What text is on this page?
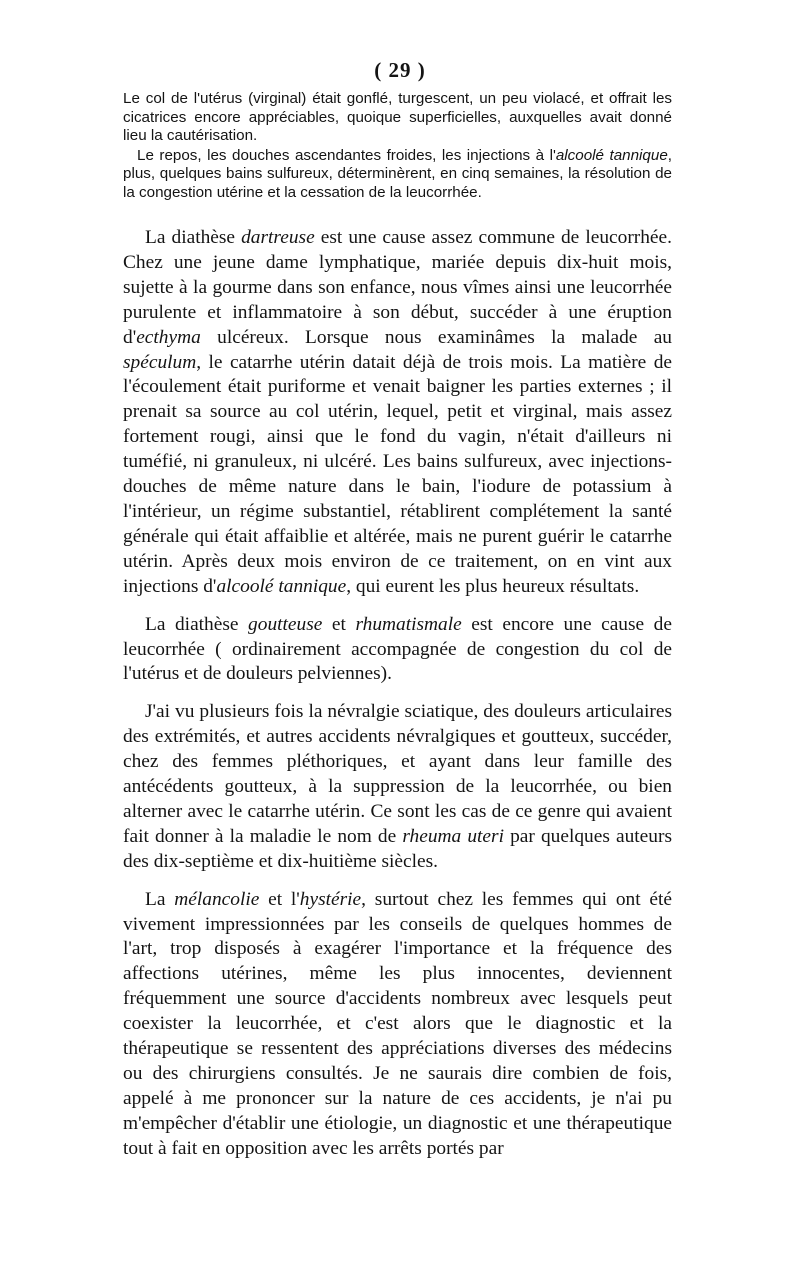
( 29 )

Le col de l'utérus (virginal) était gonflé, turgescent, un peu violacé, et offrait les cicatrices encore appréciables, quoique superficielles, auxquelles avait donné lieu la cautérisation.

Le repos, les douches ascendantes froides, les injections à l'alcoolé tannique, plus, quelques bains sulfureux, déterminèrent, en cinq semaines, la résolution de la congestion utérine et la cessation de la leucorrhée.

La diathèse dartreuse est une cause assez commune de leucorrhée. Chez une jeune dame lymphatique, mariée depuis dix-huit mois, sujette à la gourme dans son enfance, nous vîmes ainsi une leucorrhée purulente et inflammatoire à son début, succéder à une éruption d'ecthyma ulcéreux. Lorsque nous examinâmes la malade au spéculum, le catarrhe utérin datait déjà de trois mois. La matière de l'écoulement était puriforme et venait baigner les parties externes ; il prenait sa source au col utérin, lequel, petit et virginal, mais assez fortement rougi, ainsi que le fond du vagin, n'était d'ailleurs ni tuméfié, ni granuleux, ni ulcéré. Les bains sulfureux, avec injections-douches de même nature dans le bain, l'iodure de potassium à l'intérieur, un régime substantiel, rétablirent complétement la santé générale qui était affaiblie et altérée, mais ne purent guérir le catarrhe utérin. Après deux mois environ de ce traitement, on en vint aux injections d'alcoolé tannique, qui eurent les plus heureux résultats.

La diathèse goutteuse et rhumatismale est encore une cause de leucorrhée ( ordinairement accompagnée de congestion du col de l'utérus et de douleurs pelviennes).

J'ai vu plusieurs fois la névralgie sciatique, des douleurs articulaires des extrémités, et autres accidents névralgiques et goutteux, succéder, chez des femmes pléthoriques, et ayant dans leur famille des antécédents goutteux, à la suppression de la leucorrhée, ou bien alterner avec le catarrhe utérin. Ce sont les cas de ce genre qui avaient fait donner à la maladie le nom de rheuma uteri par quelques auteurs des dix-septième et dix-huitième siècles.

La mélancolie et l'hystérie, surtout chez les femmes qui ont été vivement impressionnées par les conseils de quelques hommes de l'art, trop disposés à exagérer l'importance et la fréquence des affections utérines, même les plus innocentes, deviennent fréquemment une source d'accidents nombreux avec lesquels peut coexister la leucorrhée, et c'est alors que le diagnostic et la thérapeutique se ressentent des appréciations diverses des médecins ou des chirurgiens consultés. Je ne saurais dire combien de fois, appelé à me prononcer sur la nature de ces accidents, je n'ai pu m'empêcher d'établir une étiologie, un diagnostic et une thérapeutique tout à fait en opposition avec les arrêts portés par
